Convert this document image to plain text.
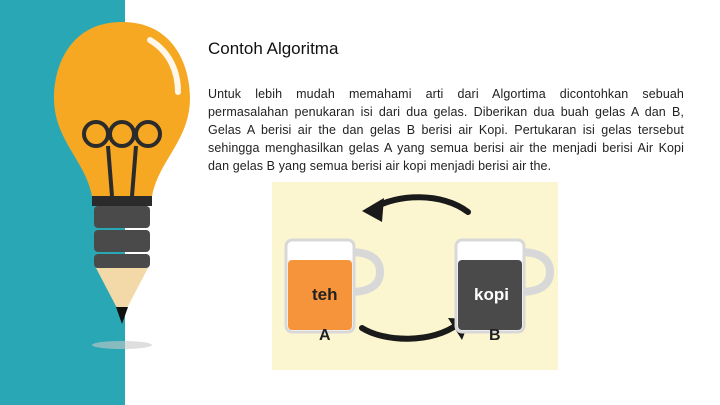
Contoh Algoritma
Untuk lebih mudah memahami arti dari Algortima dicontohkan sebuah permasalahan penukaran isi dari dua gelas. Diberikan dua buah gelas A dan B, Gelas A berisi air the dan gelas B berisi air Kopi. Pertukaran isi gelas tersebut sehingga menghasilkan gelas A yang semua berisi air the menjadi berisi Air Kopi dan gelas B yang semua berisi air kopi menjadi berisi air the.
teh	kopi
A	B
